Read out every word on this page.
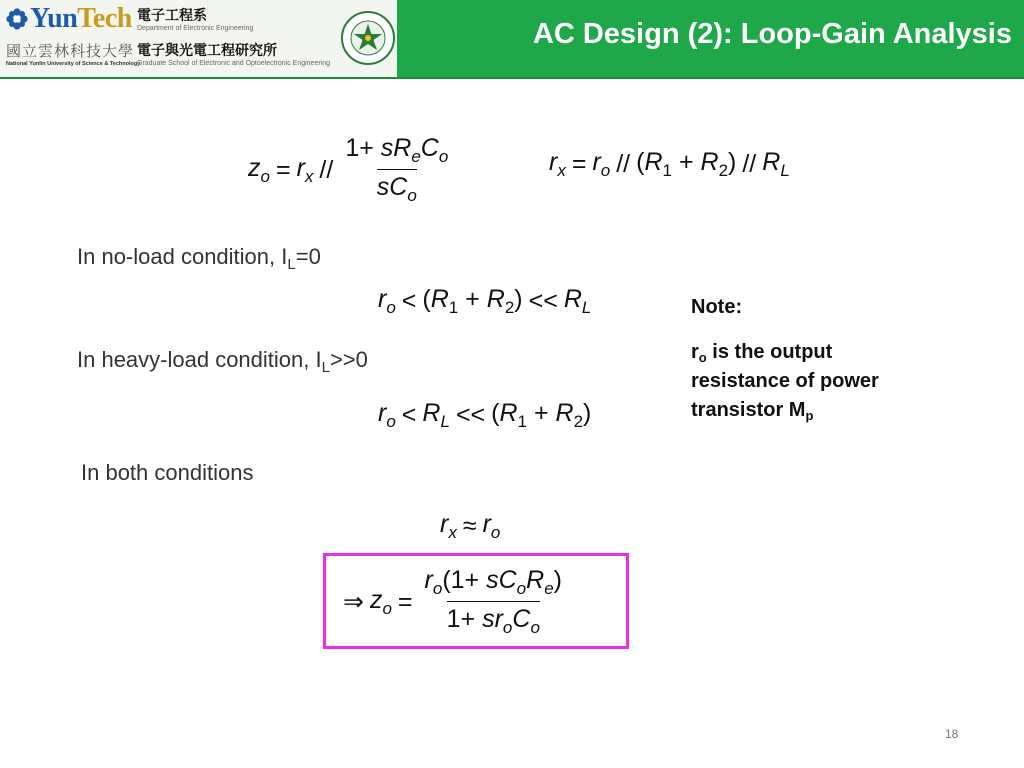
YunTech
國立雲林科技大學
National Yunlin University of Science & Technology
電子工程系
Department of Electronic Engineering
電子與光電工程研究所
Graduate School of Electronic and Optoelectronic Engineering
AC Design (2): Loop-Gain Analysis
$z_o = r_x // \frac{1+ sR_eC_o}{sC_o}$	$r_x = r_o // (R_1 + R_2) // R_L$
In no-load condition, $I_L=0$
$r_o < (R_1 + R_2) << R_L$
In heavy-load condition, $I_L>>0$
$r_o < R_L << (R_1 + R_2)$
Note:
$r_o$ is the output
resistance of power
transistor $M_p$
In both conditions
$r_x \approx r_o$
⇒ $z_o = \frac{r_o(1+ sC_oR_e)}{1+ sr_oC_o}$
18
